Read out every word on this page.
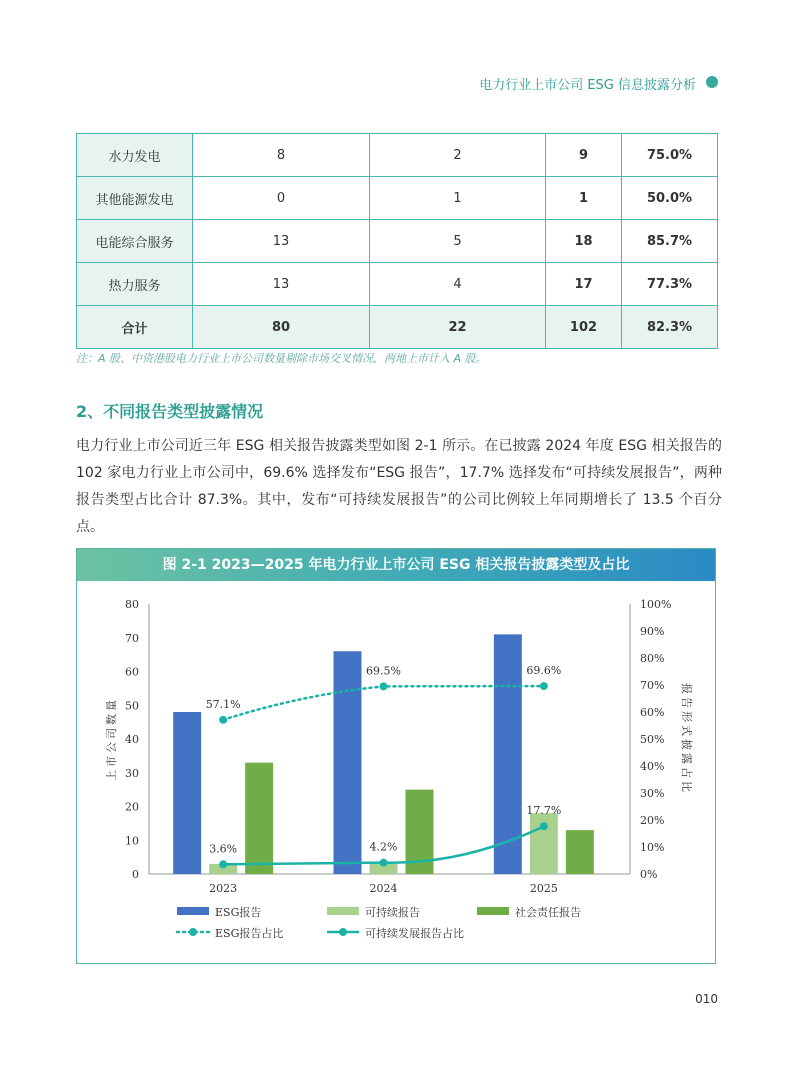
电力行业上市公司 ESG 信息披露分析
水力发电	8	2	9	75.0%
其他能源发电	0	1	1	50.0%
电能综合服务	13	5	18	85.7%
热力服务	13	4	17	77.3%
合计	80	22	102	82.3%
注：A 股、中资港股电力行业上市公司数量剔除市场交叉情况，两地上市计入 A 股。
2、不同报告类型披露情况
电力行业上市公司近三年 ESG 相关报告披露类型如图 2-1 所示。在已披露 2024 年度 ESG 相关报告的 102 家电力行业上市公司中，69.6% 选择发布“ESG 报告”，17.7% 选择发布“可持续发展报告”，两种报告类型占比合计 87.3%。其中，发布“可持续发展报告”的公司比例较上年同期增长了 13.5 个百分点。
图 2-1 2023—2025 年电力行业上市公司 ESG 相关报告披露类型及占比
0
10
20
30
40
50
60
70
80
0%
10%
20%
30%
40%
50%
60%
70%
80%
90%
100%
上市公司数量	报告形式披露占比
2023	2024	2025
57.1%
69.5%	69.6%
3.6%	4.2%
17.7%
ESG报告	可持续报告	社会责任报告
ESG报告占比	可持续发展报告占比
010
